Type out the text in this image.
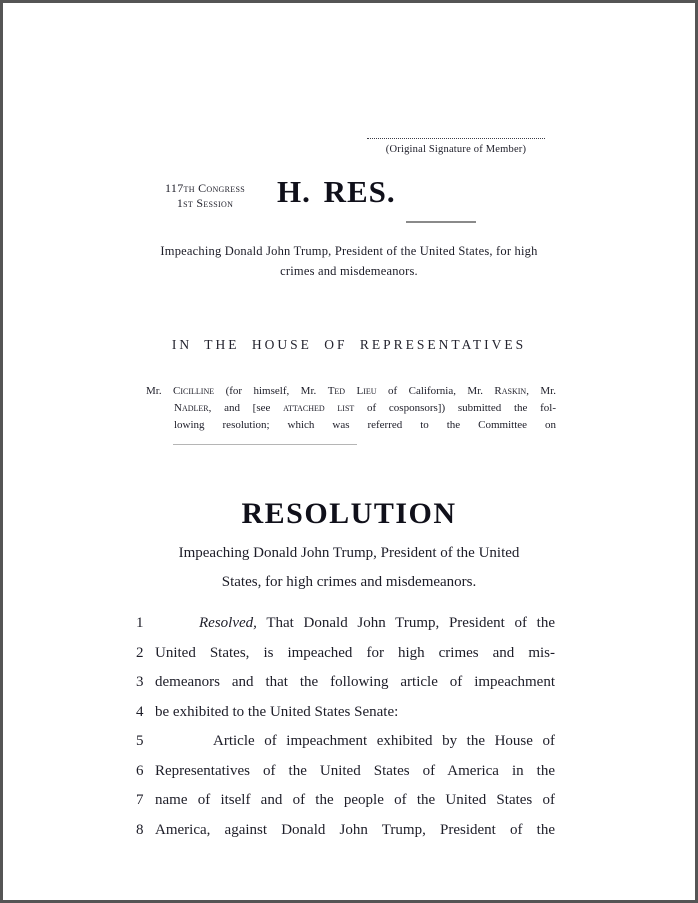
(Original Signature of Member)
117th Congress
1st Session	H. RES.
Impeaching Donald John Trump, President of the United States, for high
crimes and misdemeanors.
IN THE HOUSE OF REPRESENTATIVES
Mr. Cicilline (for himself, Mr. Ted Lieu of California, Mr. Raskin, Mr.
Nadler, and [see attached list of cosponsors]) submitted the fol-
lowing resolution; which was referred to the Committee on
RESOLUTION
Impeaching Donald John Trump, President of the United
States, for high crimes and misdemeanors.
1	Resolved, That Donald John Trump, President of the
2 United States, is impeached for high crimes and mis-
3 demeanors and that the following article of impeachment
4 be exhibited to the United States Senate:
5	Article of impeachment exhibited by the House of
6 Representatives of the United States of America in the
7 name of itself and of the people of the United States of
8 America, against Donald John Trump, President of the
